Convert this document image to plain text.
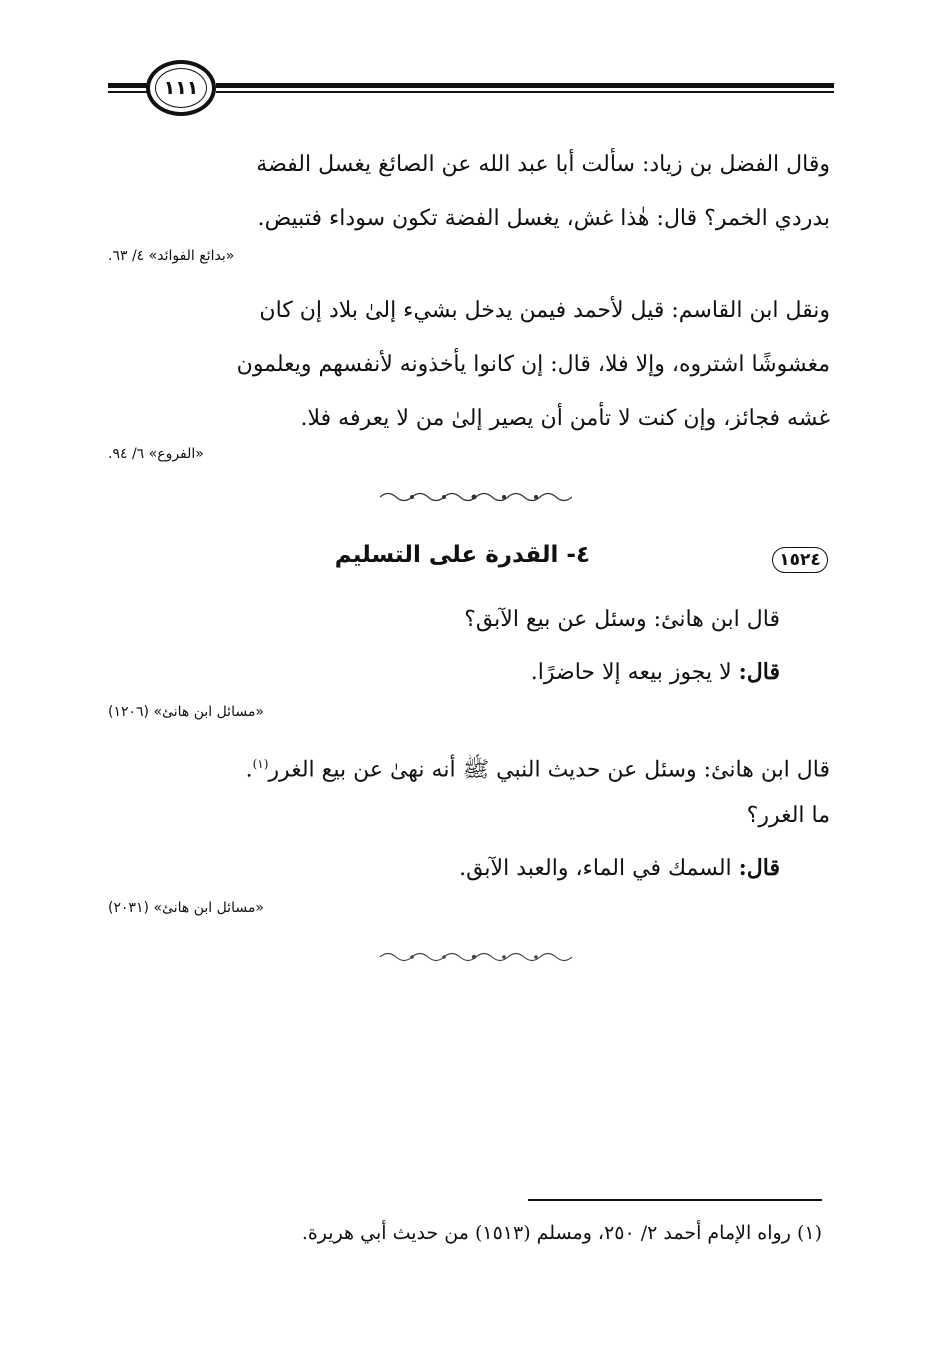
١١١

وقال الفضل بن زياد: سألت أبا عبد الله عن الصائغ يغسل الفضة
بدردي الخمر؟ قال: هٰذا غش، يغسل الفضة تكون سوداء فتبيض.

«بدائع الفوائد» ٤/ ٦٣.

ونقل ابن القاسم: قيل لأحمد فيمن يدخل بشيء إلىٰ بلاد إن كان
مغشوشًا اشتروه، وإلا فلا، قال: إن كانوا يأخذونه لأنفسهم ويعلمون
غشه فجائز، وإن كنت لا تأمن أن يصير إلىٰ من لا يعرفه فلا.

«الفروع» ٦/ ٩٤.

١٥٢٤
٤- القدرة على التسليم

قال ابن هانئ: وسئل عن بيع الآبق؟

قال: لا يجوز بيعه إلا حاضرًا.

«مسائل ابن هانئ» (١٢٠٦)

قال ابن هانئ: وسئل عن حديث النبي ﷺ أنه نهىٰ عن بيع الغرر$^{(١)}$.

ما الغرر؟

قال: السمك في الماء، والعبد الآبق.

«مسائل ابن هانئ» (٢٠٣١)

(١) رواه الإمام أحمد ٢/ ٢٥٠، ومسلم (١٥١٣) من حديث أبي هريرة.
